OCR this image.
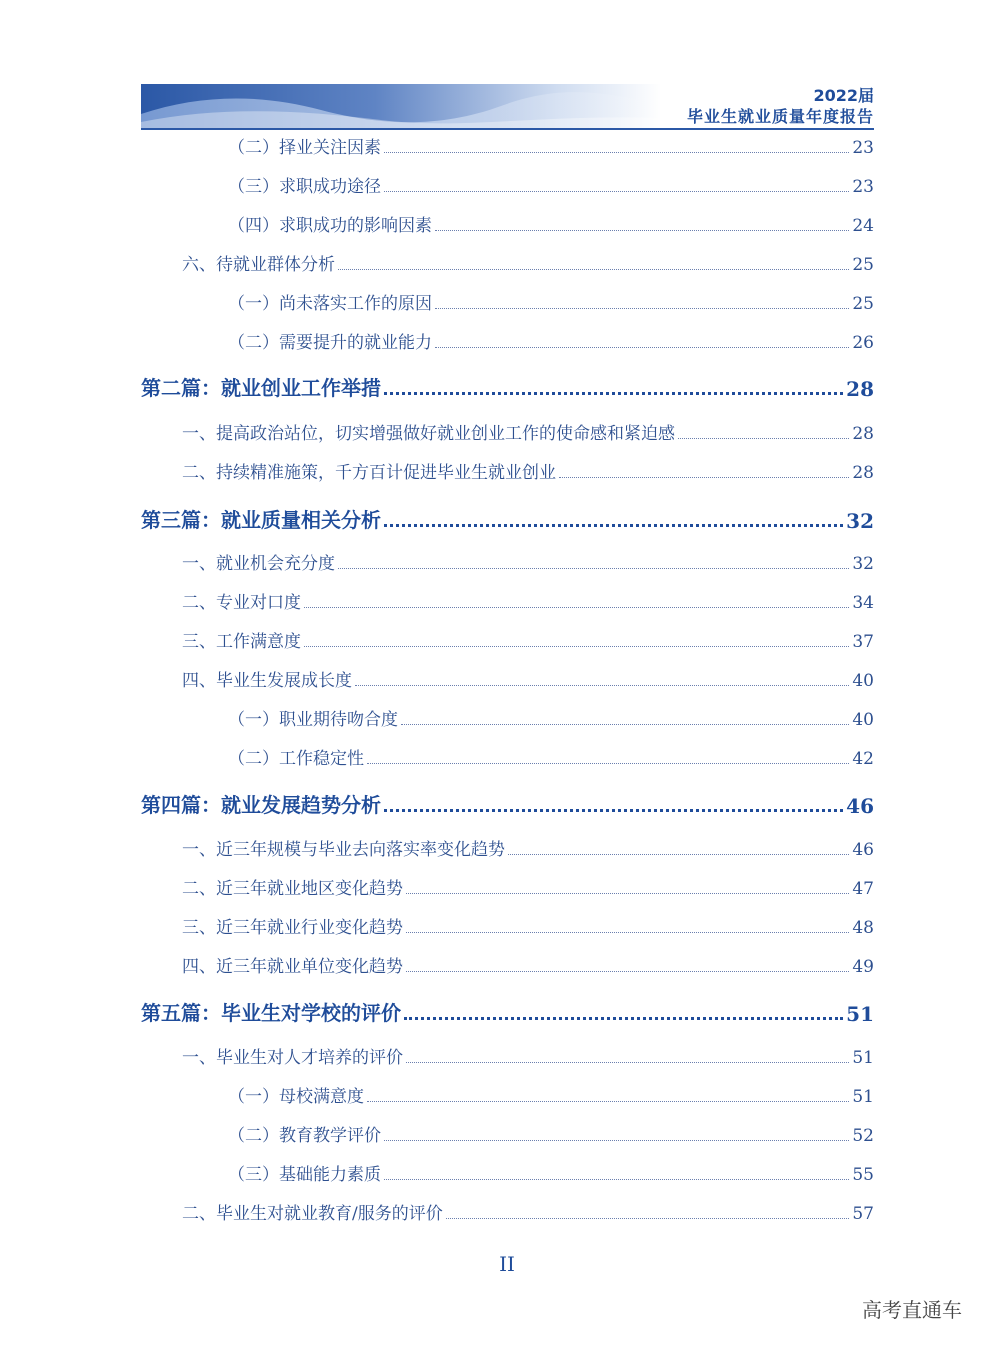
2022届
毕业生就业质量年度报告
（二）择业关注因素	23
（三）求职成功途径	23
（四）求职成功的影响因素	24
六、待就业群体分析	25
（一）尚未落实工作的原因	25
（二）需要提升的就业能力	26
第二篇：就业创业工作举措	28
一、提高政治站位，切实增强做好就业创业工作的使命感和紧迫感	28
二、持续精准施策，千方百计促进毕业生就业创业	28
第三篇：就业质量相关分析	32
一、就业机会充分度	32
二、专业对口度	34
三、工作满意度	37
四、毕业生发展成长度	40
（一）职业期待吻合度	40
（二）工作稳定性	42
第四篇：就业发展趋势分析	46
一、近三年规模与毕业去向落实率变化趋势	46
二、近三年就业地区变化趋势	47
三、近三年就业行业变化趋势	48
四、近三年就业单位变化趋势	49
第五篇：毕业生对学校的评价	51
一、毕业生对人才培养的评价	51
（一）母校满意度	51
（二）教育教学评价	52
（三）基础能力素质	55
二、毕业生对就业教育/服务的评价	57
II
高考直通车
